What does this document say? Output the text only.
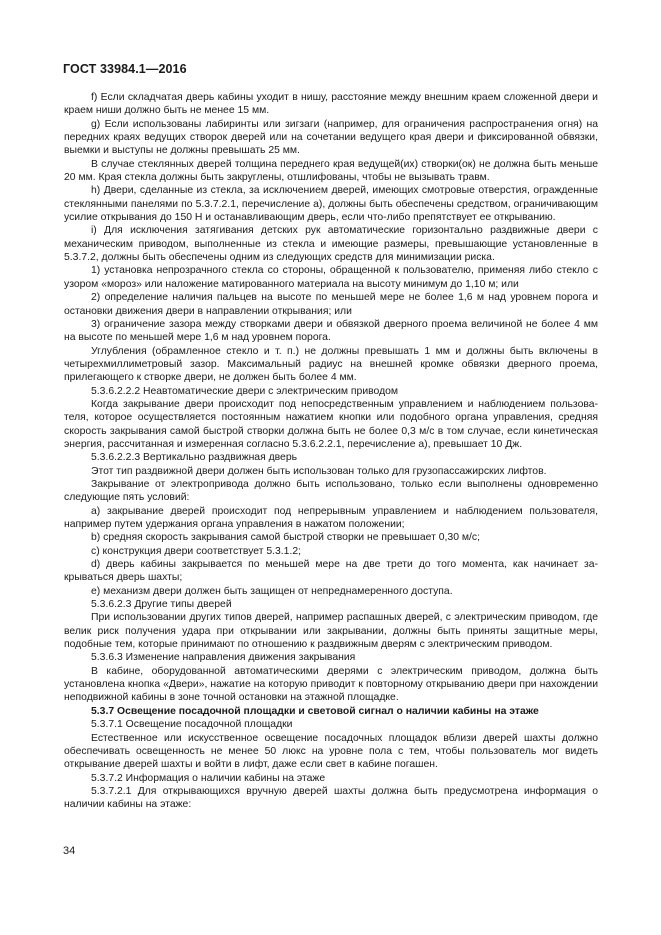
ГОСТ 33984.1—2016

f) Если складчатая дверь кабины уходит в нишу, расстояние между внешним краем сложенной двери и краем ниши должно быть не менее 15 мм.

g) Если использованы лабиринты или зигзаги (например, для ограничения распространения огня) на передних краях ведущих створок дверей или на сочетании ведущего края двери и фиксированной обвязки, выемки и выступы не должны превышать 25 мм.

В случае стеклянных дверей толщина переднего края ведущей(их) створки(ок) не должна быть меньше 20 мм. Края стекла должны быть закруглены, отшлифованы, чтобы не вызывать травм.

h) Двери, сделанные из стекла, за исключением дверей, имеющих смотровые отверстия, огражденные стеклянными панелями по 5.3.7.2.1, перечисление а), должны быть обеспечены средством, ограничивающим усилие открывания до 150 Н и останавливающим дверь, если что-либо препятствует ее открыванию.

i) Для исключения затягивания детских рук автоматические горизонтально раздвижные двери с механическим приводом, выполненные из стекла и имеющие размеры, превышающие установленные в 5.3.7.2, должны быть обеспечены одним из следующих средств для минимизации риска.

1) установка непрозрачного стекла со стороны, обращенной к пользователю, применяя либо стекло с узором «мороз» или наложение матированного материала на высоту минимум до 1,10 м; или

2) определение наличия пальцев на высоте по меньшей мере не более 1,6 м над уровнем порога и остановки движения двери в направлении открывания; или

3) ограничение зазора между створками двери и обвязкой дверного проема величиной не более 4 мм на высоте по меньшей мере 1,6 м над уровнем порога.

Углубления (обрамленное стекло и т. п.) не должны превышать 1 мм и должны быть включены в четырехмиллиметровый зазор. Максимальный радиус на внешней кромке обвязки дверного проема, прилегающего к створке двери, не должен быть более 4 мм.

5.3.6.2.2.2 Неавтоматические двери с электрическим приводом

Когда закрывание двери происходит под непосредственным управлением и наблюдением пользователя, которое осуществляется постоянным нажатием кнопки или подобного органа управления, средняя скорость закрывания самой быстрой створки должна быть не более 0,3 м/с в том случае, если кинетическая энергия, рассчитанная и измеренная согласно 5.3.6.2.2.1, перечисление а), превышает 10 Дж.

5.3.6.2.2.3 Вертикально раздвижная дверь

Этот тип раздвижной двери должен быть использован только для грузопассажирских лифтов.

Закрывание от электропривода должно быть использовано, только если выполнены одновременно следующие пять условий:

a) закрывание дверей происходит под непрерывным управлением и наблюдением пользователя, например путем удержания органа управления в нажатом положении;

b) средняя скорость закрывания самой быстрой створки не превышает 0,30 м/с;

c) конструкция двери соответствует 5.3.1.2;

d) дверь кабины закрывается по меньшей мере на две трети до того момента, как начинает закрываться дверь шахты;

e) механизм двери должен быть защищен от непреднамеренного доступа.

5.3.6.2.3 Другие типы дверей

При использовании других типов дверей, например распашных дверей, с электрическим приводом, где велик риск получения удара при открывании или закрывании, должны быть приняты защитные меры, подобные тем, которые принимают по отношению к раздвижным дверям с электрическим приводом.

5.3.6.3 Изменение направления движения закрывания

В кабине, оборудованной автоматическими дверями с электрическим приводом, должна быть установлена кнопка «Двери», нажатие на которую приводит к повторному открыванию двери при нахождении неподвижной кабины в зоне точной остановки на этажной площадке.

5.3.7 Освещение посадочной площадки и световой сигнал о наличии кабины на этаже

5.3.7.1 Освещение посадочной площадки

Естественное или искусственное освещение посадочных площадок вблизи дверей шахты должно обеспечивать освещенность не менее 50 люкс на уровне пола с тем, чтобы пользователь мог видеть открывание дверей шахты и войти в лифт, даже если свет в кабине погашен.

5.3.7.2 Информация о наличии кабины на этаже

5.3.7.2.1 Для открывающихся вручную дверей шахты должна быть предусмотрена информация о наличии кабины на этаже:

34
